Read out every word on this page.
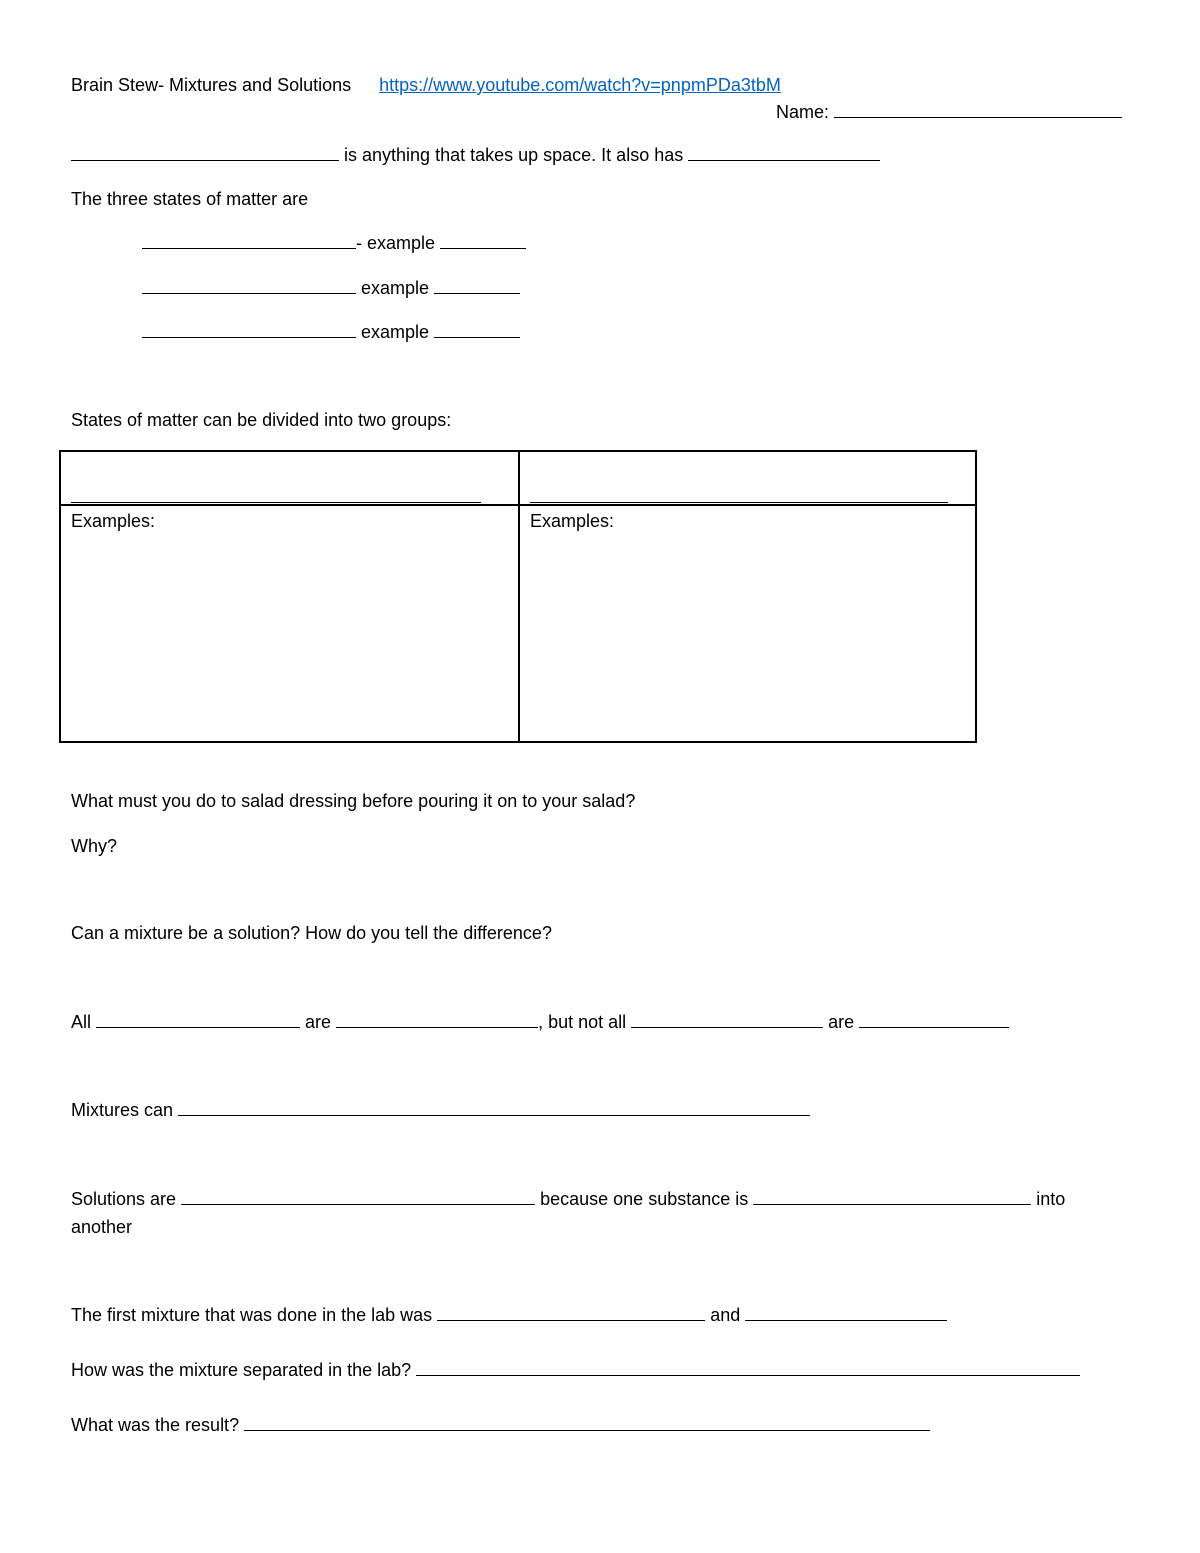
Brain Stew- Mixtures and Solutions https://www.youtube.com/watch?v=pnpmPDa3tbM
Name:
is anything that takes up space. It also has
The three states of matter are
- example
example
example
States of matter can be divided into two groups:
Examples:	Examples:
What must you do to salad dressing before pouring it on to your salad?
Why?
Can a mixture be a solution? How do you tell the difference?
All	are	, but not all	are
Mixtures can
Solutions are	because one substance is	into
another
The first mixture that was done in the lab was	and
How was the mixture separated in the lab?
What was the result?
